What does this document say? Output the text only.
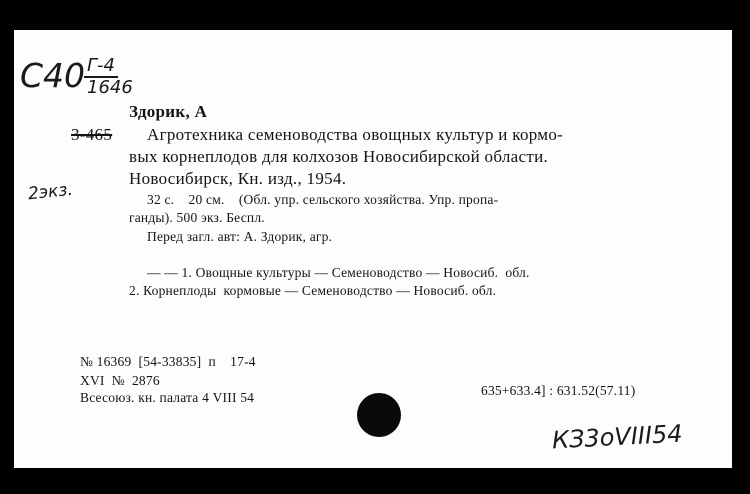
С40 Г-4
1646
Здорик, А
3-465 Агротехника семеноводства овощных культур и кормо-
вых корнеплодов для колхозов Новосибирской области.
Новосибирск, Кн. изд., 1954.
2экз.	32 с.    20 см.    (Обл. упр. сельского хозяйства. Упр. пропа-
ганды). 500 экз. Беспл.
Перед загл. авт: А. Здорик, агр.
— — 1. Овощные культуры — Семеноводство — Новосиб.  обл.
2. Корнеплоды  кормовые — Семеноводство — Новосиб. обл.
№ 16369  [54-33835]  п    17-4
XVI  №  2876
Всесоюз. кн. палата 4 VIII 54	635+633.4] : 631.52(57.11)
КЗ3оVIII54
